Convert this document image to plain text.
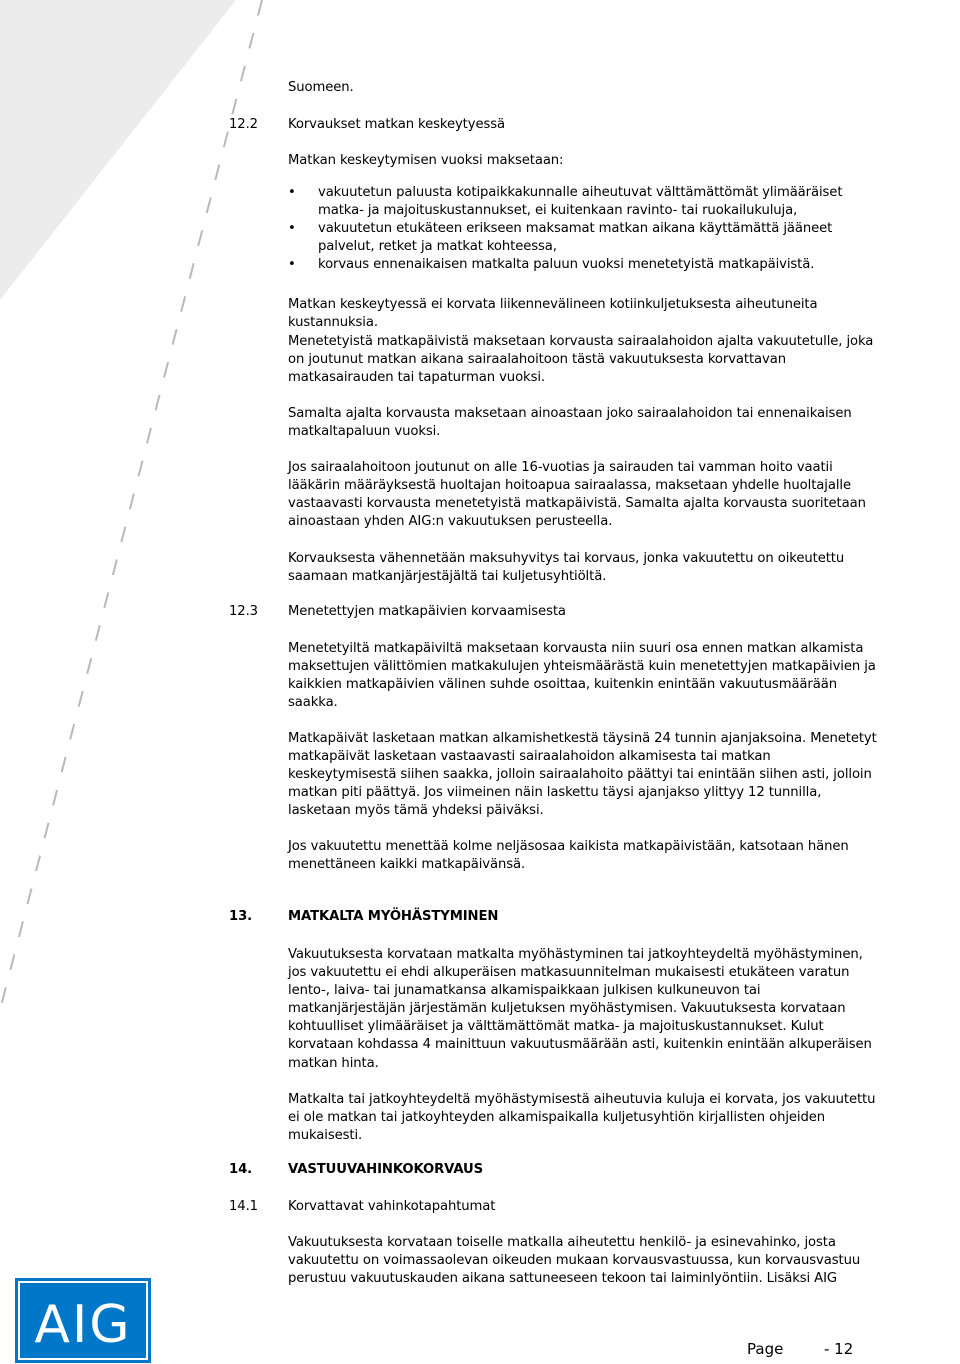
Suomeen.
12.2 Korvaukset matkan keskeytyessä
Matkan keskeytymisen vuoksi maksetaan:
• vakuutetun paluusta kotipaikkakunnalle aiheutuvat välttämättömät ylimääräiset matka- ja majoituskustannukset, ei kuitenkaan ravinto- tai ruokailukuluja,
• vakuutetun etukäteen erikseen maksamat matkan aikana käyttämättä jääneet palvelut, retket ja matkat kohteessa,
• korvaus ennenaikaisen matkalta paluun vuoksi menetetyistä matkapäivistä.
Matkan keskeytyessä ei korvata liikennevälineen kotiinkuljetuksesta aiheutuneita kustannuksia.
Menetetyistä matkapäivistä maksetaan korvausta sairaalahoidon ajalta vakuutetulle, joka on joutunut matkan aikana sairaalahoitoon tästä vakuutuksesta korvattavan matkasairauden tai tapaturman vuoksi.
Samalta ajalta korvausta maksetaan ainoastaan joko sairaalahoidon tai ennenaikaisen matkaltapaluun vuoksi.
Jos sairaalahoitoon joutunut on alle 16-vuotias ja sairauden tai vamman hoito vaatii lääkärin määräyksestä huoltajan hoitoapua sairaalassa, maksetaan yhdelle huoltajalle vastaavasti korvausta menetetyistä matkapäivistä. Samalta ajalta korvausta suoritetaan ainoastaan yhden AIG:n vakuutuksen perusteella.
Korvauksesta vähennetään maksuhyvitys tai korvaus, jonka vakuutettu on oikeutettu saamaan matkanjärjestäjältä tai kuljetusyhtiöltä.
12.3 Menetettyjen matkapäivien korvaamisesta
Menetetyiltä matkapäiviltä maksetaan korvausta niin suuri osa ennen matkan alkamista maksettujen välittömien matkakulujen yhteismäärästä kuin menetettyjen matkapäivien ja kaikkien matkapäivien välinen suhde osoittaa, kuitenkin enintään vakuutusmäärään saakka.
Matkapäivät lasketaan matkan alkamishetkestä täysinä 24 tunnin ajanjaksoina. Menetetyt matkapäivät lasketaan vastaavasti sairaalahoidon alkamisesta tai matkan keskeytymisestä siihen saakka, jolloin sairaalahoito päättyi tai enintään siihen asti, jolloin matkan piti päättyä. Jos viimeinen näin laskettu täysi ajanjakso ylittyy 12 tunnilla, lasketaan myös tämä yhdeksi päiväksi.
Jos vakuutettu menettää kolme neljäsosaa kaikista matkapäivistään, katsotaan hänen menettäneen kaikki matkapäivänsä.
13.	MATKALTA MYÖHÄSTYMINEN
Vakuutuksesta korvataan matkalta myöhästyminen tai jatkoyhteydeltä myöhästyminen, jos vakuutettu ei ehdi alkuperäisen matkasuunnitelman mukaisesti etukäteen varatun lento-, laiva- tai junamatkansa alkamispaikkaan julkisen kulkuneuvon tai matkanjärjestäjän järjestämän kuljetuksen myöhästymisen. Vakuutuksesta korvataan kohtuulliset ylimääräiset ja välttämättömät matka- ja majoituskustannukset. Kulut korvataan kohdassa 4 mainittuun vakuutusmäärään asti, kuitenkin enintään alkuperäisen matkan hinta.
Matkalta tai jatkoyhteydeltä myöhästymisestä aiheutuvia kuluja ei korvata, jos vakuutettu ei ole matkan tai jatkoyhteyden alkamispaikalla kuljetusyhtiön kirjallisten ohjeiden mukaisesti.
14.	VASTUUVAHINKOKORVAUS
14.1 Korvattavat vahinkotapahtumat
Vakuutuksesta korvataan toiselle matkalla aiheutettu henkilö- ja esinevahinko, josta vakuutettu on voimassaolevan oikeuden mukaan korvausvastuussa, kun korvausvastuu perustuu vakuutuskauden aikana sattuneeseen tekoon tai laiminlyöntiin. Lisäksi AIG
AIG	Page	- 12
